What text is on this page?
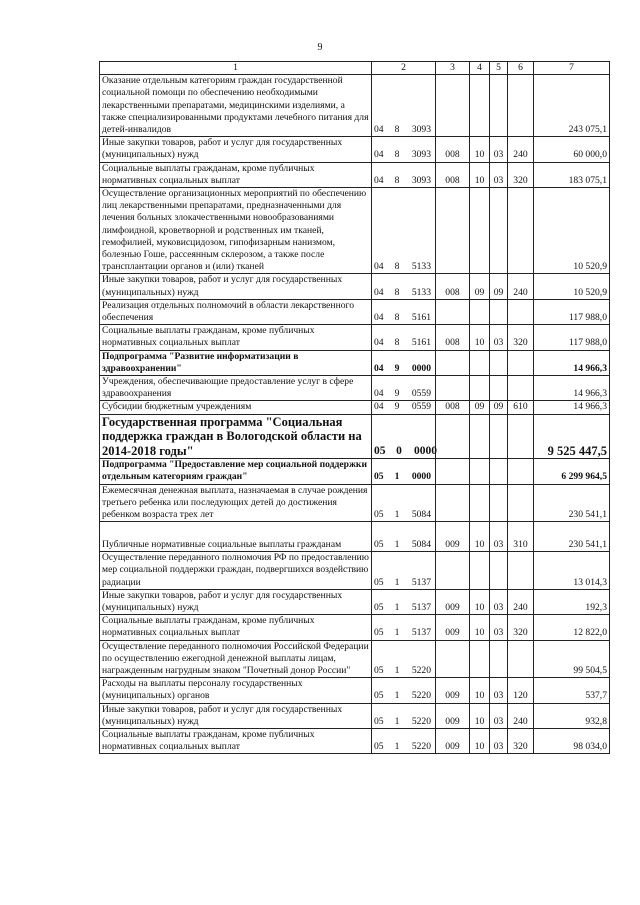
9
1	2	3	4	5	6	7
Оказание отдельным категориям граждан государственной социальной помощи по обеспечению необходимыми лекарственными препаратами, медицинскими изделиями, а также специализированными продуктами лечебного питания для детей-инвалидов	04 8 3093					243 075,1
Иные закупки товаров, работ и услуг для государственных (муниципальных) нужд	04 8 3093	008	10	03	240	60 000,0
Социальные выплаты гражданам, кроме публичных нормативных социальных выплат	04 8 3093	008	10	03	320	183 075,1
Осуществление организационных мероприятий по обеспечению лиц лекарственными препаратами, предназначенными для лечения больных злокачественными новообразованиями лимфоидной, кроветворной и родственных им тканей, гемофилией, муковисцидозом, гипофизарным нанизмом, болезнью Гоше, рассеянным склерозом, а также после трансплантации органов и (или) тканей	04 8 5133					10 520,9
Иные закупки товаров, работ и услуг для государственных (муниципальных) нужд	04 8 5133	008	09	09	240	10 520,9
Реализация отдельных полномочий в области лекарственного обеспечения	04 8 5161					117 988,0
Социальные выплаты гражданам, кроме публичных нормативных социальных выплат	04 8 5161	008	10	03	320	117 988,0
Подпрограмма "Развитие информатизации в здравоохранении"	04 9 0000					14 966,3
Учреждения, обеспечивающие предоставление услуг в сфере здравоохранения	04 9 0559					14 966,3
Субсидии бюджетным учреждениям	04 9 0559	008	09	09	610	14 966,3
Государственная программа "Социальная поддержка граждан в Вологодской области на 2014-2018 годы"	05 0 0000					9 525 447,5
Подпрограмма "Предоставление мер социальной поддержки отдельным категориям граждан"	05 1 0000					6 299 964,5
Ежемесячная денежная выплата, назначаемая в случае рождения третьего ребенка или последующих детей до достижения ребенком возраста трех лет	05 1 5084					230 541,1
Публичные нормативные социальные выплаты гражданам	05 1 5084	009	10	03	310	230 541,1
Осуществление переданного полномочия РФ по предоставлению мер социальной поддержки граждан, подвергшихся воздействию радиации	05 1 5137					13 014,3
Иные закупки товаров, работ и услуг для государственных (муниципальных) нужд	05 1 5137	009	10	03	240	192,3
Социальные выплаты гражданам, кроме публичных нормативных социальных выплат	05 1 5137	009	10	03	320	12 822,0
Осуществление переданного полномочия Российской Федерации по осуществлению ежегодной денежной выплаты лицам, награжденным нагрудным знаком "Почетный донор России"	05 1 5220					99 504,5
Расходы на выплаты персоналу государственных (муниципальных) органов	05 1 5220	009	10	03	120	537,7
Иные закупки товаров, работ и услуг для государственных (муниципальных) нужд	05 1 5220	009	10	03	240	932,8
Социальные выплаты гражданам, кроме публичных нормативных социальных выплат	05 1 5220	009	10	03	320	98 034,0
